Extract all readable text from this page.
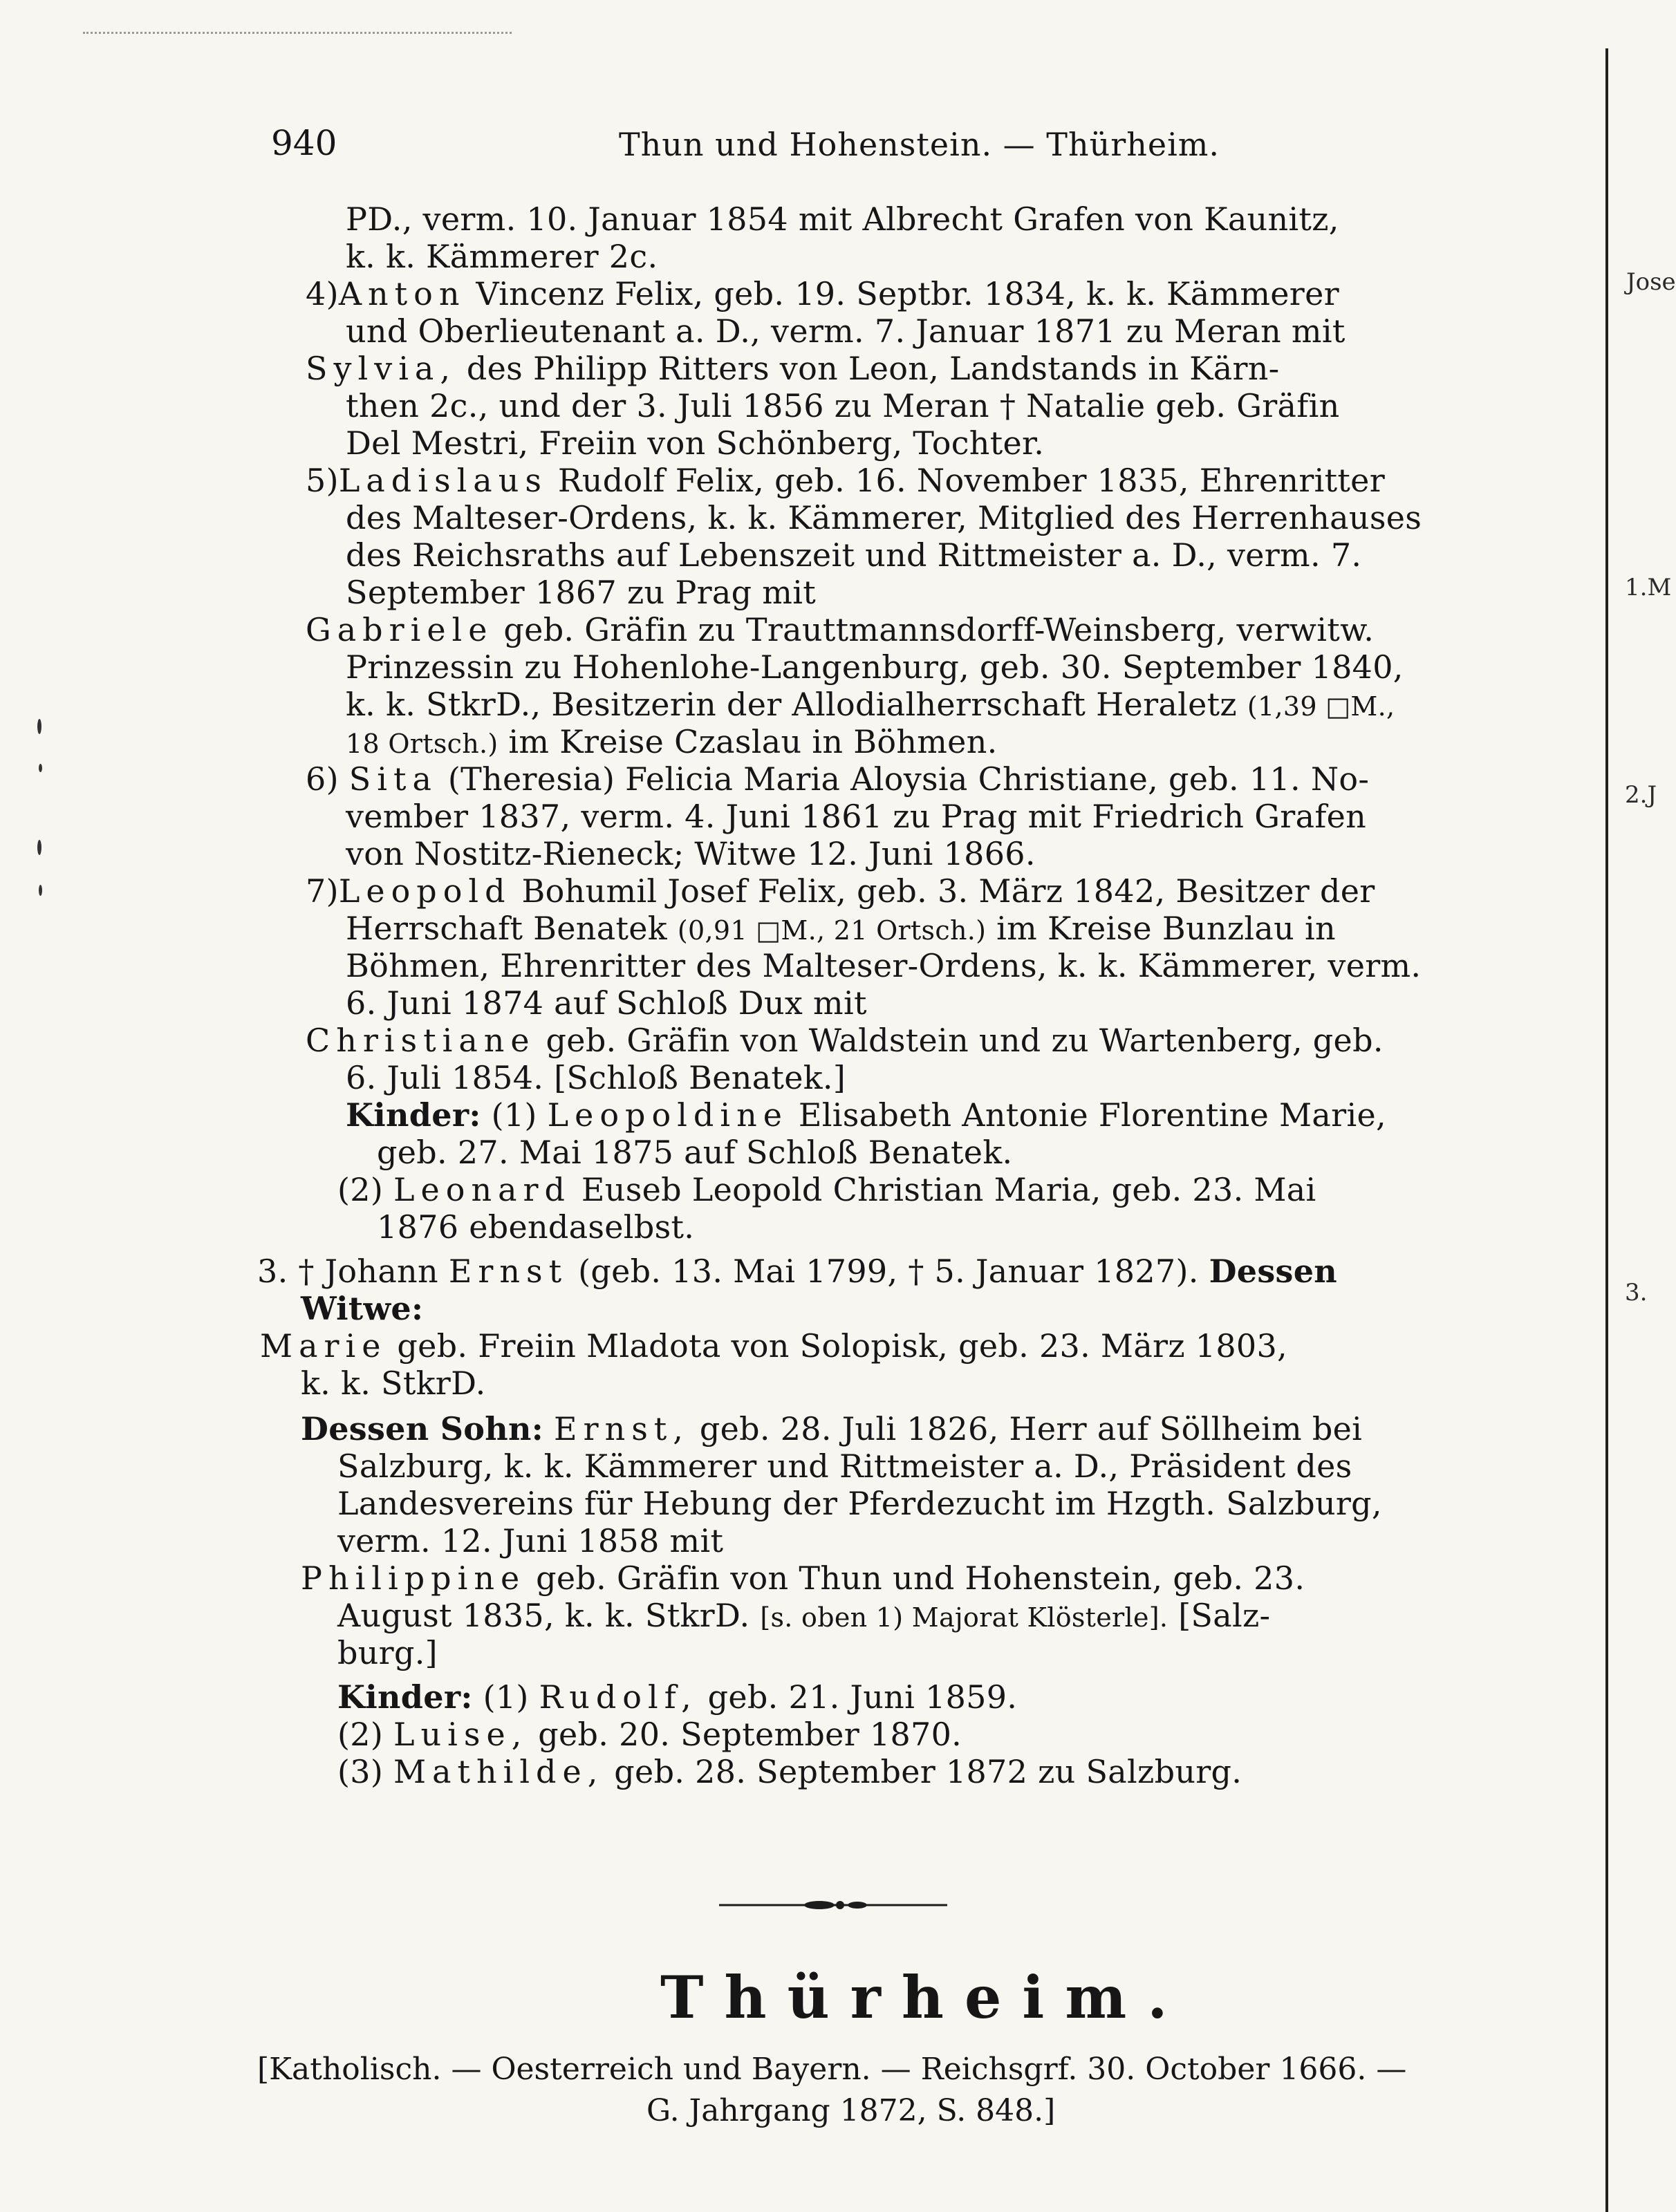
Jose
1.M
2.J
3.
940	Thun und Hohenstein. — Thürheim.
PD., verm. 10. Januar 1854 mit Albrecht Grafen von Kaunitz,
k. k. Kämmerer 2c.
4)Anton Vincenz Felix, geb. 19. Septbr. 1834, k. k. Kämmerer
und Oberlieutenant a. D., verm. 7. Januar 1871 zu Meran mit
Sylvia, des Philipp Ritters von Leon, Landstands in Kärn-
then 2c., und der 3. Juli 1856 zu Meran † Natalie geb. Gräfin
Del Mestri, Freiin von Schönberg, Tochter.
5)Ladislaus Rudolf Felix, geb. 16. November 1835, Ehrenritter
des Malteser-Ordens, k. k. Kämmerer, Mitglied des Herrenhauses
des Reichsraths auf Lebenszeit und Rittmeister a. D., verm. 7.
September 1867 zu Prag mit
Gabriele geb. Gräfin zu Trauttmannsdorff-Weinsberg, verwitw.
Prinzessin zu Hohenlohe-Langenburg, geb. 30. September 1840,
k. k. StkrD., Besitzerin der Allodialherrschaft Heraletz (1,39 □M.,
18 Ortsch.) im Kreise Czaslau in Böhmen.
6) Sita (Theresia) Felicia Maria Aloysia Christiane, geb. 11. No-
vember 1837, verm. 4. Juni 1861 zu Prag mit Friedrich Grafen
von Nostitz-Rieneck; Witwe 12. Juni 1866.
7)Leopold Bohumil Josef Felix, geb. 3. März 1842, Besitzer der
Herrschaft Benatek (0,91 □M., 21 Ortsch.) im Kreise Bunzlau in
Böhmen, Ehrenritter des Malteser-Ordens, k. k. Kämmerer, verm.
6. Juni 1874 auf Schloß Dux mit
Christiane geb. Gräfin von Waldstein und zu Wartenberg, geb.
6. Juli 1854. [Schloß Benatek.]
Kinder: (1) Leopoldine Elisabeth Antonie Florentine Marie,
geb. 27. Mai 1875 auf Schloß Benatek.
(2) Leonard Euseb Leopold Christian Maria, geb. 23. Mai
1876 ebendaselbst.
3. † Johann Ernst (geb. 13. Mai 1799, † 5. Januar 1827). Dessen
Witwe:
Marie geb. Freiin Mladota von Solopisk, geb. 23. März 1803,
k. k. StkrD.
Dessen Sohn: Ernst, geb. 28. Juli 1826, Herr auf Söllheim bei
Salzburg, k. k. Kämmerer und Rittmeister a. D., Präsident des
Landesvereins für Hebung der Pferdezucht im Hzgth. Salzburg,
verm. 12. Juni 1858 mit
Philippine geb. Gräfin von Thun und Hohenstein, geb. 23.
August 1835, k. k. StkrD. [s. oben 1) Majorat Klösterle]. [Salz-
burg.]
Kinder: (1) Rudolf, geb. 21. Juni 1859.
(2) Luise, geb. 20. September 1870.
(3) Mathilde, geb. 28. September 1872 zu Salzburg.
Thürheim.
[Katholisch. — Oesterreich und Bayern. — Reichsgrf. 30. October 1666. —
G. Jahrgang 1872, S. 848.]
